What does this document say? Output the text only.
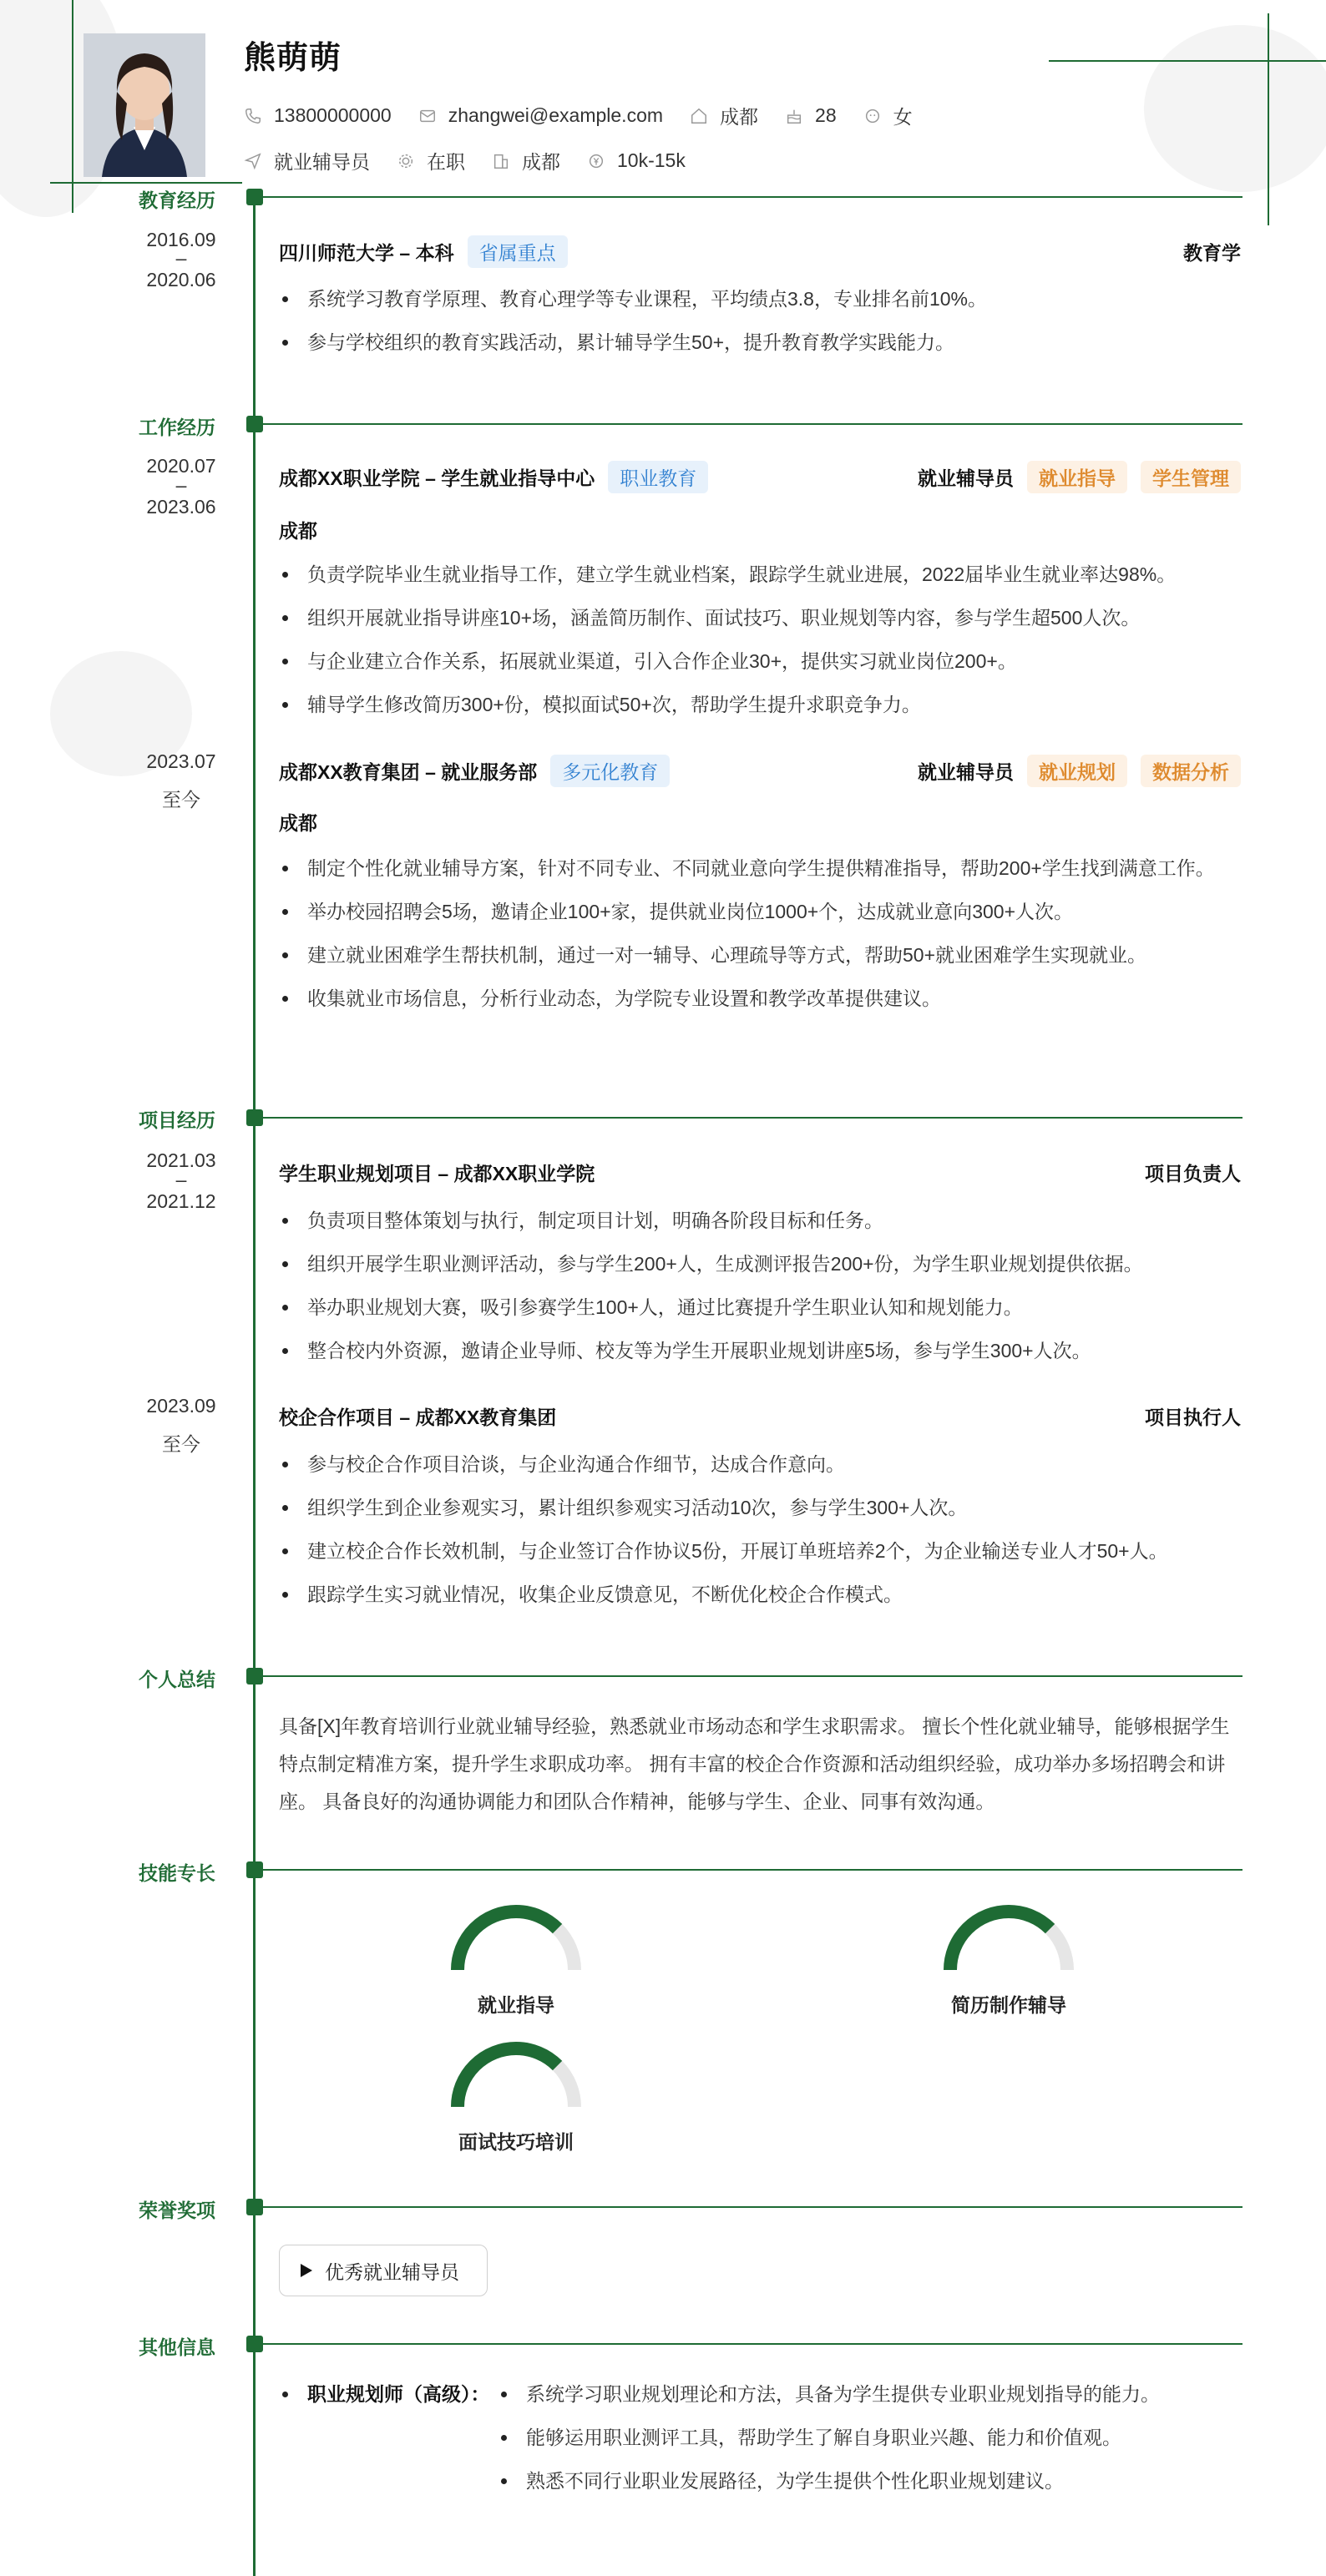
熊萌萌
13800000000	zhangwei@example.com	成都	28	女
就业辅导员	在职	成都	10k-15k
教育经历
2016.09
–
2020.06
四川师范大学 – 本科	省属重点	教育学
系统学习教育学原理、教育心理学等专业课程，平均绩点3.8，专业排名前10%。
参与学校组织的教育实践活动，累计辅导学生50+，提升教育教学实践能力。
工作经历
2020.07
–
2023.06
成都XX职业学院 – 学生就业指导中心	职业教育	就业辅导员	就业指导	学生管理
成都
负责学院毕业生就业指导工作，建立学生就业档案，跟踪学生就业进展，2022届毕业生就业率达98%。
组织开展就业指导讲座10+场，涵盖简历制作、面试技巧、职业规划等内容，参与学生超500人次。
与企业建立合作关系，拓展就业渠道，引入合作企业30+，提供实习就业岗位200+。
辅导学生修改简历300+份，模拟面试50+次，帮助学生提升求职竞争力。
2023.07
至今
成都XX教育集团 – 就业服务部	多元化教育	就业辅导员	就业规划	数据分析
成都
制定个性化就业辅导方案，针对不同专业、不同就业意向学生提供精准指导，帮助200+学生找到满意工作。
举办校园招聘会5场，邀请企业100+家，提供就业岗位1000+个，达成就业意向300+人次。
建立就业困难学生帮扶机制，通过一对一辅导、心理疏导等方式，帮助50+就业困难学生实现就业。
收集就业市场信息，分析行业动态，为学院专业设置和教学改革提供建议。
项目经历
2021.03
–
2021.12
学生职业规划项目 – 成都XX职业学院	项目负责人
负责项目整体策划与执行，制定项目计划，明确各阶段目标和任务。
组织开展学生职业测评活动，参与学生200+人，生成测评报告200+份，为学生职业规划提供依据。
举办职业规划大赛，吸引参赛学生100+人，通过比赛提升学生职业认知和规划能力。
整合校内外资源，邀请企业导师、校友等为学生开展职业规划讲座5场，参与学生300+人次。
2023.09
至今
校企合作项目 – 成都XX教育集团	项目执行人
参与校企合作项目洽谈，与企业沟通合作细节，达成合作意向。
组织学生到企业参观实习，累计组织参观实习活动10次，参与学生300+人次。
建立校企合作长效机制，与企业签订合作协议5份，开展订单班培养2个，为企业输送专业人才50+人。
跟踪学生实习就业情况，收集企业反馈意见，不断优化校企合作模式。
个人总结
具备[X]年教育培训行业就业辅导经验，熟悉就业市场动态和学生求职需求。 擅长个性化就业辅导，能够根据学生特点制定精准方案，提升学生求职成功率。 拥有丰富的校企合作资源和活动组织经验，成功举办多场招聘会和讲座。 具备良好的沟通协调能力和团队合作精神，能够与学生、企业、同事有效沟通。
技能专长
就业指导	简历制作辅导
面试技巧培训
荣誉奖项
优秀就业辅导员
其他信息
职业规划师（高级）：	系统学习职业规划理论和方法，具备为学生提供专业职业规划指导的能力。
能够运用职业测评工具，帮助学生了解自身职业兴趣、能力和价值观。
熟悉不同行业职业发展路径，为学生提供个性化职业规划建议。
